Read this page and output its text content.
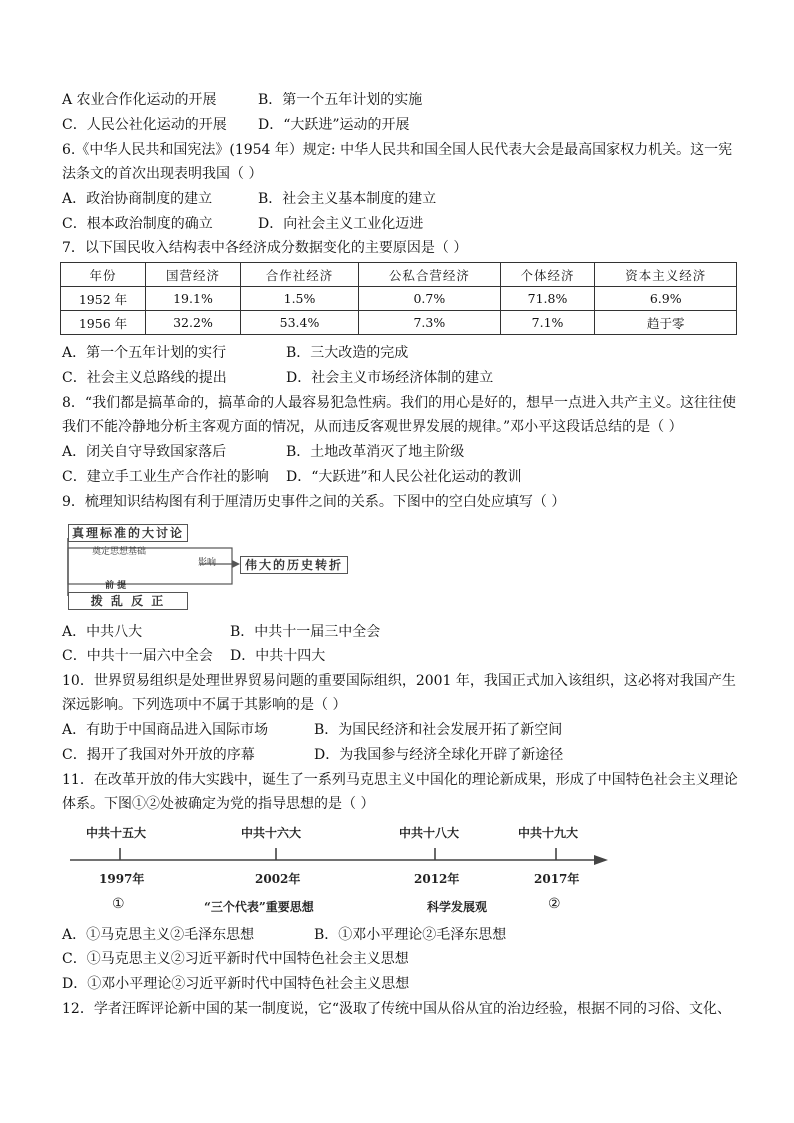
A 农业合作化运动的开展	B．第一个五年计划的实施
C．人民公社化运动的开展 D．“大跃进”运动的开展
6.《中华人民共和国宪法》(1954 年）规定: 中华人民共和国全国人民代表大会是最高国家权力机关。这一宪
法条文的首次出现表明我国（ ）
A．政治协商制度的建立	B．社会主义基本制度的建立
C．根本政治制度的确立	D．向社会主义工业化迈进
7．以下国民收入结构表中各经济成分数据变化的主要原因是（ ）
年份	国营经济	合作社经济	公私合营经济	个体经济	资本主义经济
1952 年	19.1%	1.5%	0.7%	71.8%	6.9%
1956 年	32.2%	53.4%	7.3%	7.1%	趋于零
A．第一个五年计划的实行	B．三大改造的完成
C．社会主义总路线的提出	D．社会主义市场经济体制的建立
8．“我们都是搞革命的，搞革命的人最容易犯急性病。我们的用心是好的，想早一点进入共产主义。这往往使
我们不能冷静地分析主客观方面的情况，从而违反客观世界发展的规律。”邓小平这段话总结的是（ ）
A．闭关自守导致国家落后	B．土地改革消灭了地主阶级
C．建立手工业生产合作社的影响 D．“大跃进”和人民公社化运动的教训
9．梳理知识结构图有利于厘清历史事件之间的关系。下图中的空白处应填写（ ）
真理标准的大讨论
奠定思想基础
影响	伟大的历史转折
前 提
拨 乱 反 正
A．中共八大	B．中共十一届三中全会
C．中共十一届六中全会 D．中共十四大
10．世界贸易组织是处理世界贸易问题的重要国际组织，2001 年，我国正式加入该组织，这必将对我国产生
深远影响。下列选项中不属于其影响的是（ ）
A．有助于中国商品进入国际市场	B．为国民经济和社会发展开拓了新空间
C．揭开了我国对外开放的序幕	D．为我国参与经济全球化开辟了新途径
11．在改革开放的伟大实践中，诞生了一系列马克思主义中国化的理论新成果，形成了中国特色社会主义理论
体系。下图①②处被确定为党的指导思想的是（ ）
中共十五大	中共十六大	中共十八大	中共十九大
1997年	2002年	2012年	2017年
①	“三个代表”重要思想	科学发展观	②
A．①马克思主义②毛泽东思想	B．①邓小平理论②毛泽东思想
C．①马克思主义②习近平新时代中国特色社会主义思想
D．①邓小平理论②习近平新时代中国特色社会主义思想
12．学者汪晖评论新中国的某一制度说，它“汲取了传统中国从俗从宜的治边经验，根据不同的习俗、文化、
